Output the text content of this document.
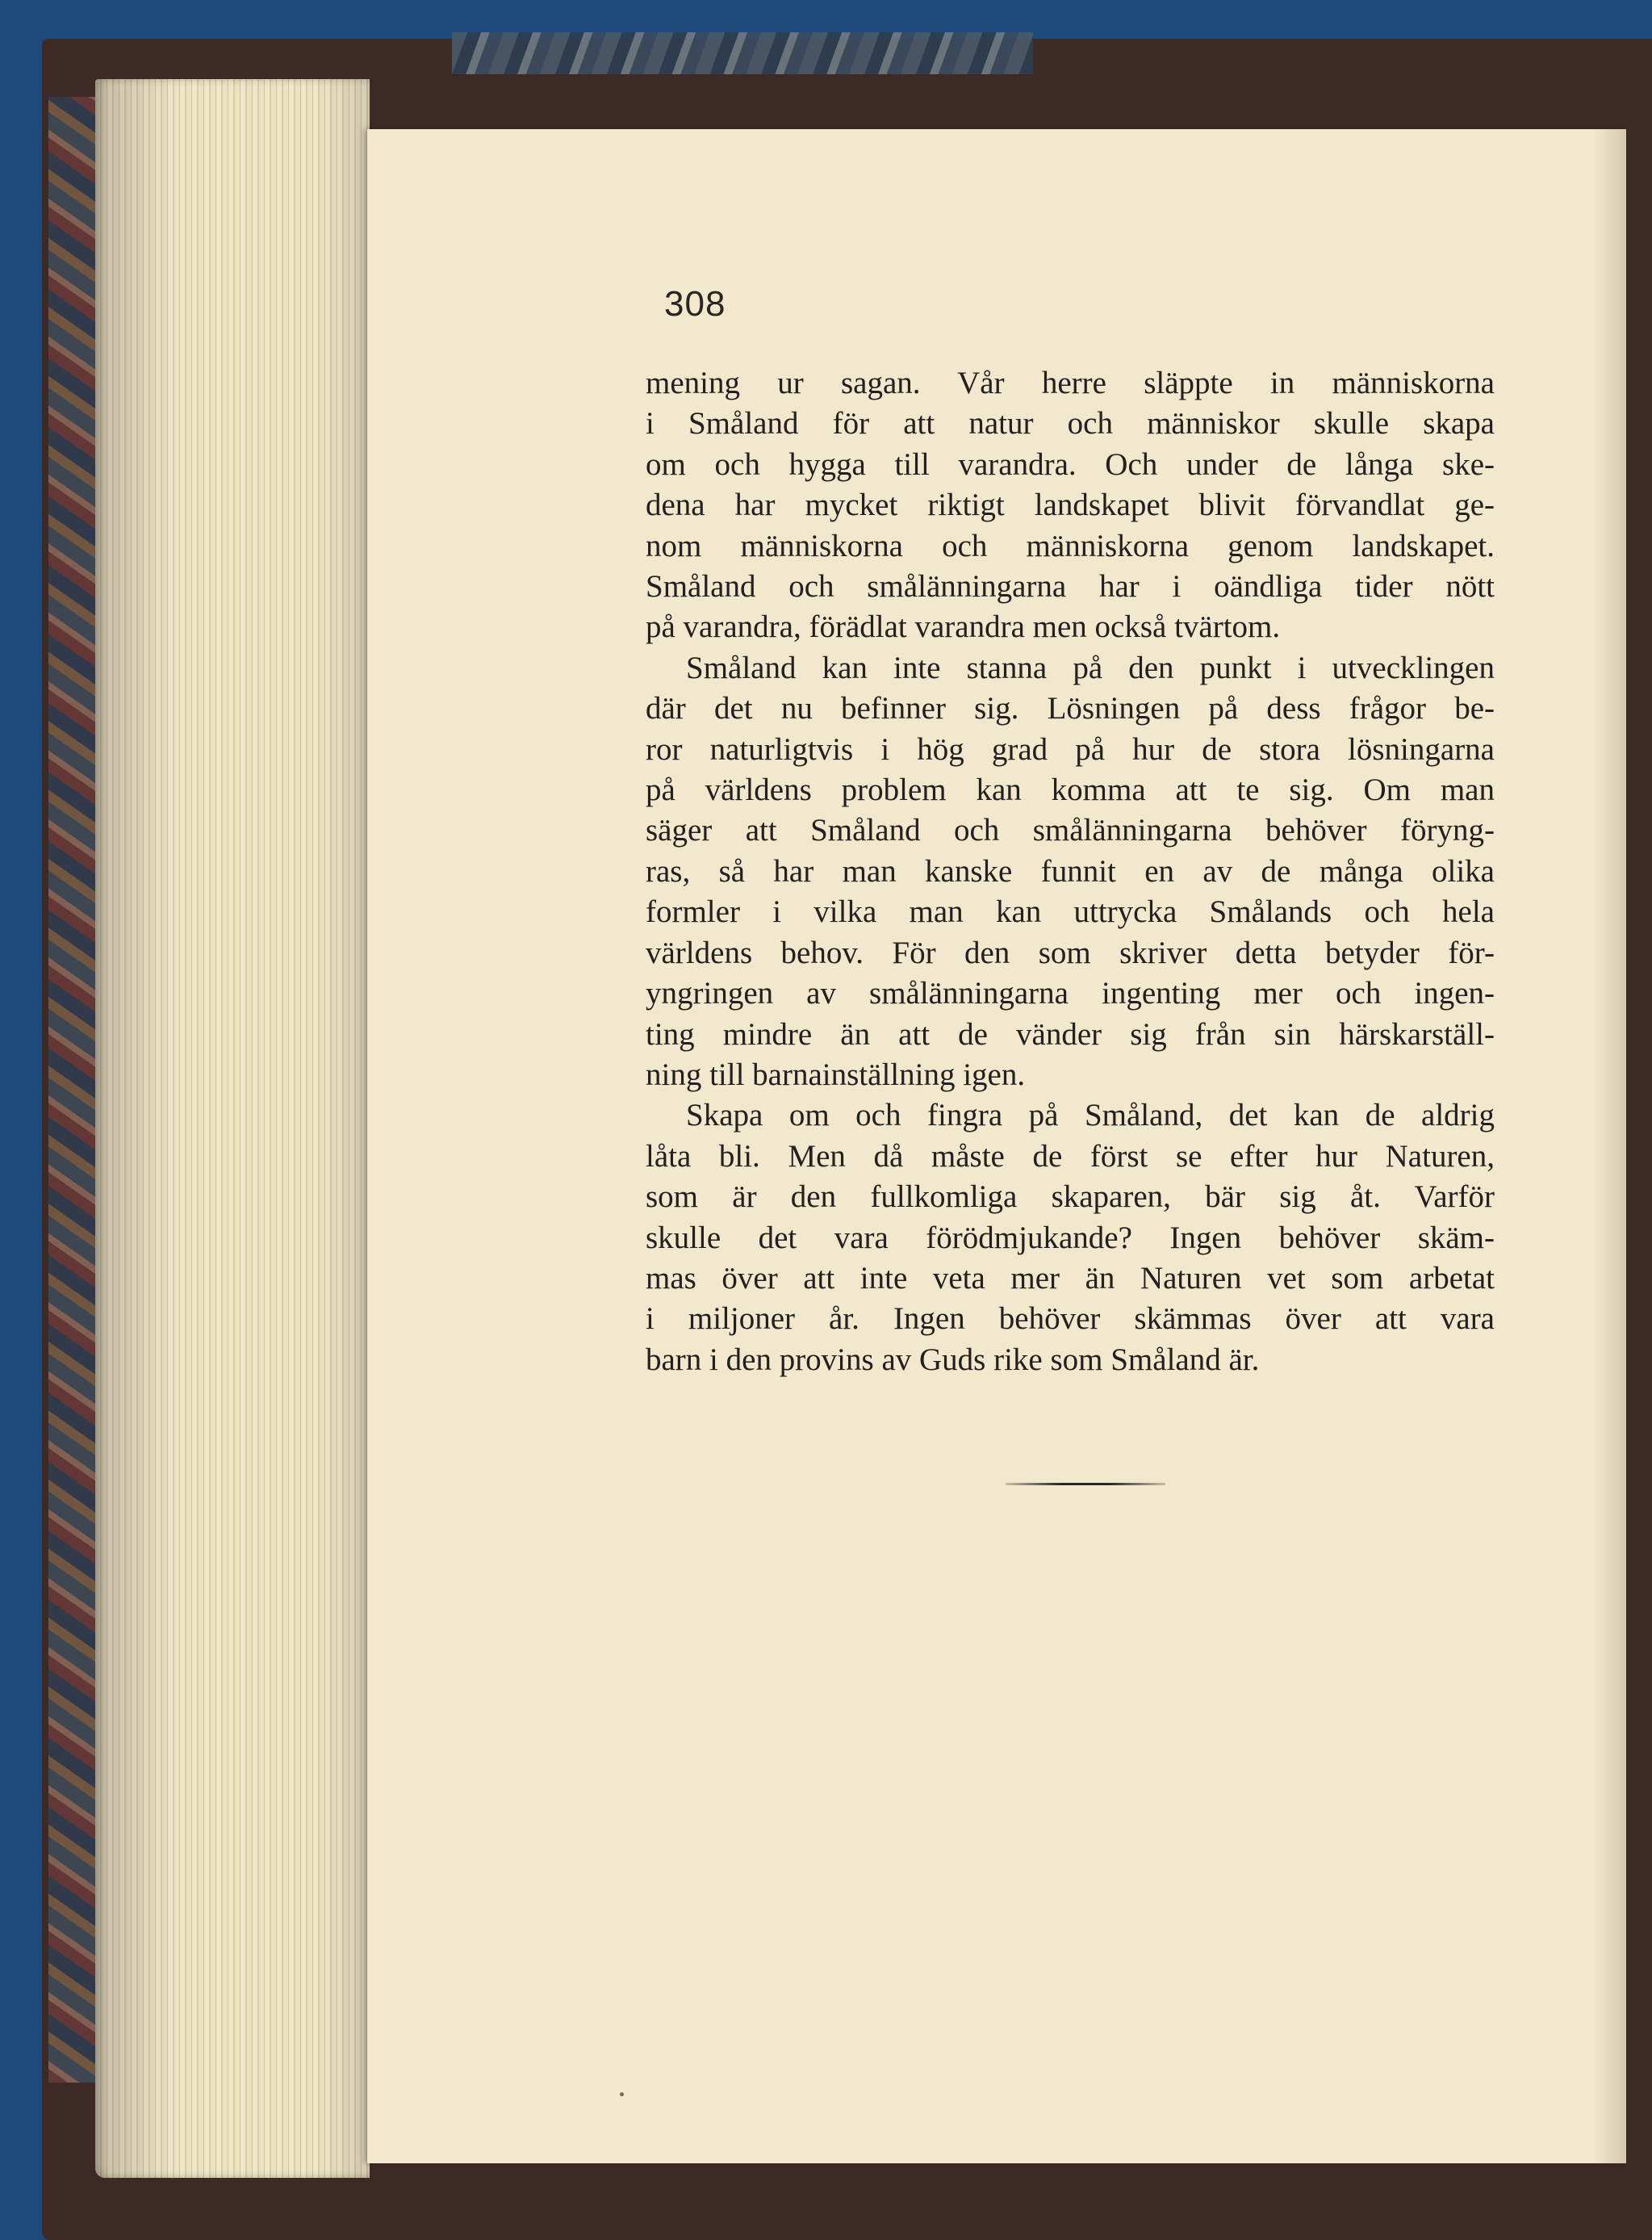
308
mening ur sagan. Vår herre släppte in människorna
i Småland för att natur och människor skulle skapa
om och hygga till varandra. Och under de långa ske-
dena har mycket riktigt landskapet blivit förvandlat ge-
nom människorna och människorna genom landskapet.
Småland och smålänningarna har i oändliga tider nött
på varandra, förädlat varandra men också tvärtom.
Småland kan inte stanna på den punkt i utvecklingen
där det nu befinner sig. Lösningen på dess frågor be-
ror naturligtvis i hög grad på hur de stora lösningarna
på världens problem kan komma att te sig. Om man
säger att Småland och smålänningarna behöver föryng-
ras, så har man kanske funnit en av de många olika
formler i vilka man kan uttrycka Smålands och hela
världens behov. För den som skriver detta betyder för-
yngringen av smålänningarna ingenting mer och ingen-
ting mindre än att de vänder sig från sin härskarställ-
ning till barnainställning igen.
Skapa om och fingra på Småland, det kan de aldrig
låta bli. Men då måste de först se efter hur Naturen,
som är den fullkomliga skaparen, bär sig åt. Varför
skulle det vara förödmjukande? Ingen behöver skäm-
mas över att inte veta mer än Naturen vet som arbetat
i miljoner år. Ingen behöver skämmas över att vara
barn i den provins av Guds rike som Småland är.
